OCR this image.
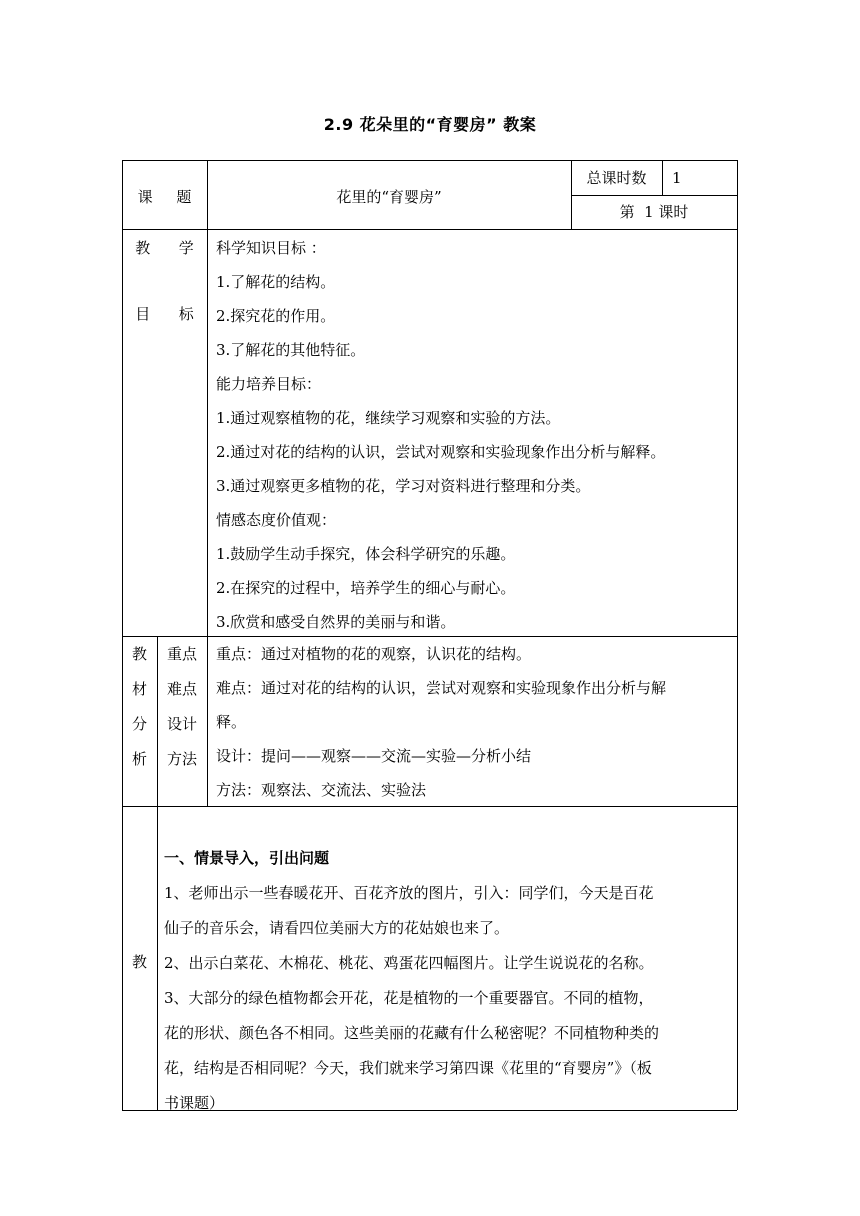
2.9 花朵里的“育婴房” 教案
课     题	花里的“育婴房”
总课时数	1
第  1 课时
教      学
目      标
科学知识目标 ：
1.了解花的结构。
2.探究花的作用。
3.了解花的其他特征。
能力培养目标：
1.通过观察植物的花，继续学习观察和实验的方法。
2.通过对花的结构的认识，尝试对观察和实验现象作出分析与解释。
3.通过观察更多植物的花，学习对资料进行整理和分类。
情感态度价值观：
1.鼓励学生动手探究，体会科学研究的乐趣。
2.在探究的过程中，培养学生的细心与耐心。
3.欣赏和感受自然界的美丽与和谐。
教
材
分
析
重点
难点
设计
方法
重点：通过对植物的花的观察，认识花的结构。
难点：通过对花的结构的认识，尝试对观察和实验现象作出分析与解
释。
设计：提问——观察——交流—实验—分析小结
方法：观察法、交流法、实验法
教
一、情景导入，引出问题
1、老师出示一些春暖花开、百花齐放的图片，引入：同学们，今天是百花
仙子的音乐会，请看四位美丽大方的花姑娘也来了。
2、出示白菜花、木棉花、桃花、鸡蛋花四幅图片。让学生说说花的名称。
3、大部分的绿色植物都会开花，花是植物的一个重要器官。不同的植物，
花的形状、颜色各不相同。这些美丽的花藏有什么秘密呢？不同植物种类的
花，结构是否相同呢？今天，我们就来学习第四课《花里的“育婴房”》（板
书课题）
